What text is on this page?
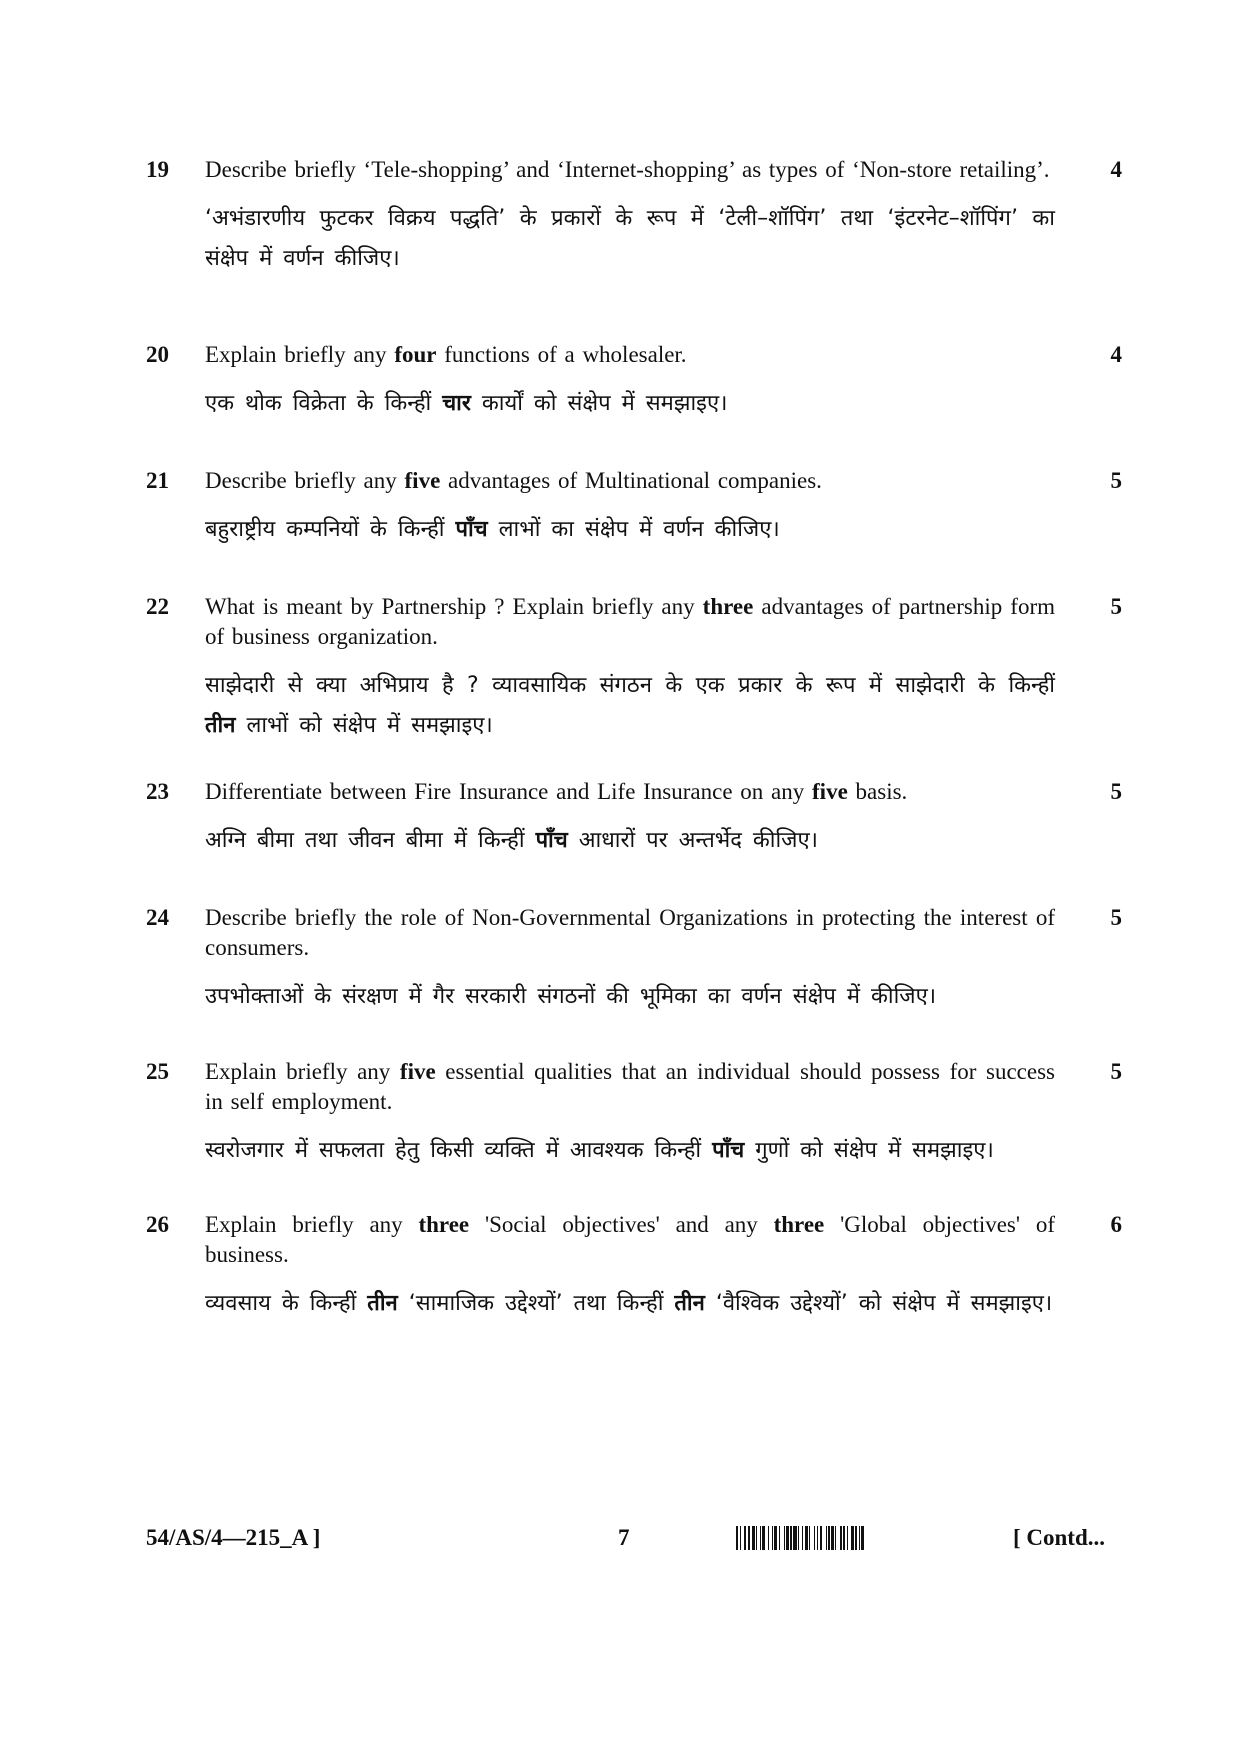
19 Describe briefly ‘Tele-shopping’ and ‘Internet-shopping’ as types of ‘Non-store retailing’.
‘अभंडारणीय फुटकर विक्रय पद्धति’ के प्रकारों के रूप में ‘टेली–शॉपिंग’ तथा ‘इंटरनेट–शॉपिंग’ का संक्षेप में वर्णन कीजिए।
4
20 Explain briefly any four functions of a wholesaler.
एक थोक विक्रेता के किन्हीं चार कार्यों को संक्षेप में समझाइए।
4
21 Describe briefly any five advantages of Multinational companies.
बहुराष्ट्रीय कम्पनियों के किन्हीं पाँच लाभों का संक्षेप में वर्णन कीजिए।
5
22 What is meant by Partnership ? Explain briefly any three advantages of partnership form of business organization.
साझेदारी से क्या अभिप्राय है ? व्यावसायिक संगठन के एक प्रकार के रूप में साझेदारी के किन्हीं तीन लाभों को संक्षेप में समझाइए।
5
23 Differentiate between Fire Insurance and Life Insurance on any five basis.
अग्नि बीमा तथा जीवन बीमा में किन्हीं पाँच आधारों पर अन्तर्भेद कीजिए।
5
24 Describe briefly the role of Non-Governmental Organizations in protecting the interest of consumers.
उपभोक्ताओं के संरक्षण में गैर सरकारी संगठनों की भूमिका का वर्णन संक्षेप में कीजिए।
5
25 Explain briefly any five essential qualities that an individual should possess for success in self employment.
स्वरोजगार में सफलता हेतु किसी व्यक्ति में आवश्यक किन्हीं पाँच गुणों को संक्षेप में समझाइए।
5
26 Explain briefly any three 'Social objectives' and any three 'Global objectives' of business.
व्यवसाय के किन्हीं तीन ‘सामाजिक उद्देश्यों’ तथा किन्हीं तीन ‘वैश्विक उद्देश्यों’ को संक्षेप में समझाइए।
6
54/AS/4—215_A ]	7	[ Contd...
